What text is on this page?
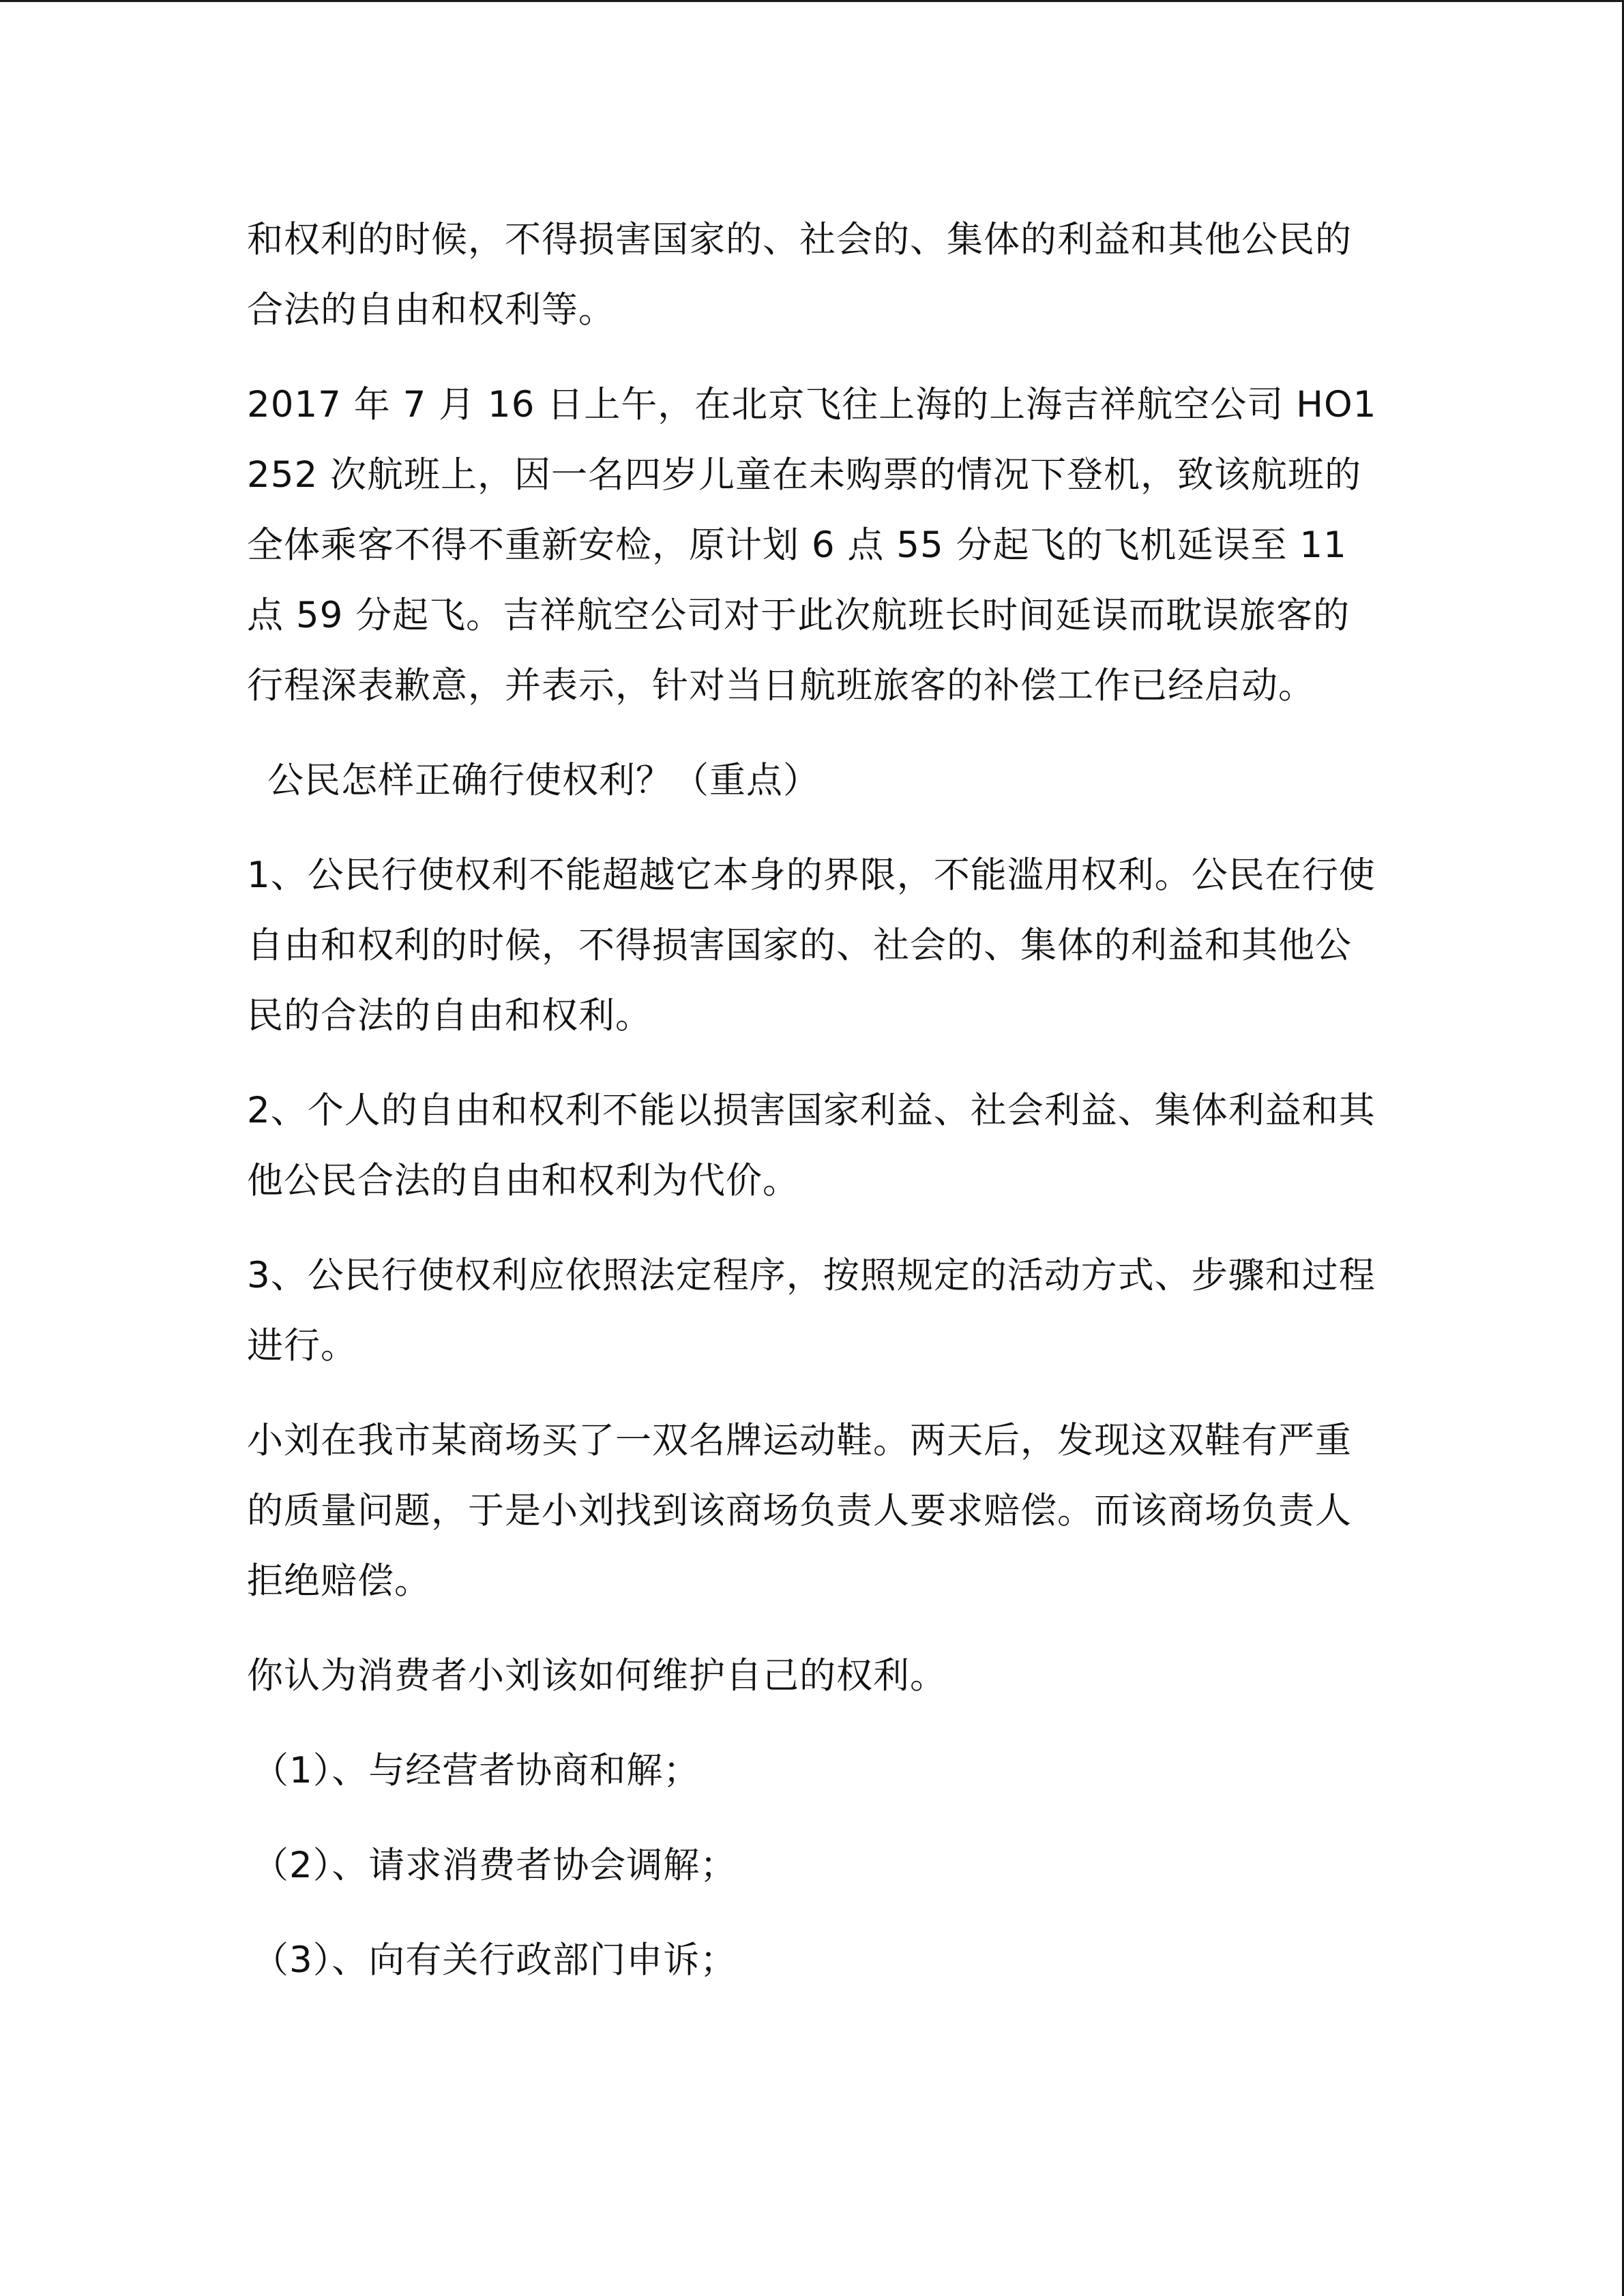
和权利的时候，不得损害国家的、社会的、集体的利益和其他公民的合法的自由和权利等。

2017 年 7 月 16 日上午，在北京飞往上海的上海吉祥航空公司 HO1252 次航班上，因一名四岁儿童在未购票的情况下登机，致该航班的全体乘客不得不重新安检，原计划 6 点 55 分起飞的飞机延误至 11 点 59 分起飞。吉祥航空公司对于此次航班长时间延误而耽误旅客的行程深表歉意，并表示，针对当日航班旅客的补偿工作已经启动。

公民怎样正确行使权利？（重点）

1、公民行使权利不能超越它本身的界限，不能滥用权利。公民在行使自由和权利的时候，不得损害国家的、社会的、集体的利益和其他公民的合法的自由和权利。

2、个人的自由和权利不能以损害国家利益、社会利益、集体利益和其他公民合法的自由和权利为代价。

3、公民行使权利应依照法定程序，按照规定的活动方式、步骤和过程进行。

小刘在我市某商场买了一双名牌运动鞋。两天后，发现这双鞋有严重的质量问题，于是小刘找到该商场负责人要求赔偿。而该商场负责人拒绝赔偿。

你认为消费者小刘该如何维护自己的权利。

（1）、与经营者协商和解；

（2）、请求消费者协会调解；

（3）、向有关行政部门申诉；
